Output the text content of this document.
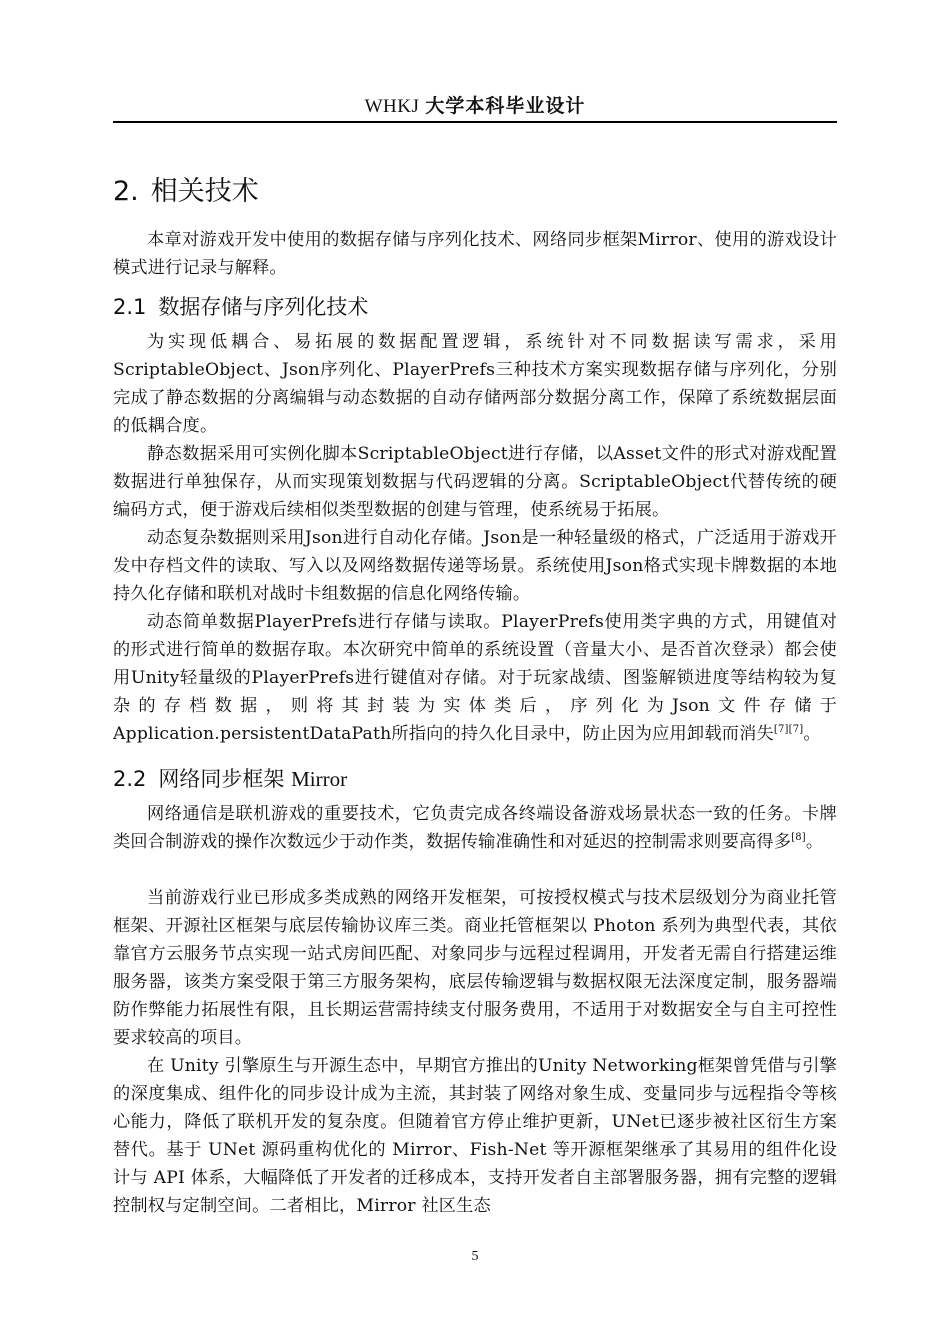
WHKJ 大学本科毕业设计
2. 相关技术

本章对游戏开发中使用的数据存储与序列化技术、网络同步框架Mirror、使用的游戏设计模式进行记录与解释。

2.1 数据存储与序列化技术

为实现低耦合、易拓展的数据配置逻辑，系统针对不同数据读写需求，采用ScriptableObject、Json序列化、PlayerPrefs三种技术方案实现数据存储与序列化，分别完成了静态数据的分离编辑与动态数据的自动存储两部分数据分离工作，保障了系统数据层面的低耦合度。

静态数据采用可实例化脚本ScriptableObject进行存储，以Asset文件的形式对游戏配置数据进行单独保存，从而实现策划数据与代码逻辑的分离。ScriptableObject代替传统的硬编码方式，便于游戏后续相似类型数据的创建与管理，使系统易于拓展。

动态复杂数据则采用Json进行自动化存储。Json是一种轻量级的格式，广泛适用于游戏开发中存档文件的读取、写入以及网络数据传递等场景。系统使用Json格式实现卡牌数据的本地持久化存储和联机对战时卡组数据的信息化网络传输。

动态简单数据PlayerPrefs进行存储与读取。PlayerPrefs使用类字典的方式，用键值对的形式进行简单的数据存取。本次研究中简单的系统设置（音量大小、是否首次登录）都会使用Unity轻量级的PlayerPrefs进行键值对存储。对于玩家战绩、图鉴解锁进度等结构较为复杂的存档数据，则将其封装为实体类后，序列化为Json文件存储于Application.persistentDataPath所指向的持久化目录中，防止因为应用卸载而消失[7][7]。

2.2 网络同步框架 Mirror

网络通信是联机游戏的重要技术，它负责完成各终端设备游戏场景状态一致的任务。卡牌类回合制游戏的操作次数远少于动作类，数据传输准确性和对延迟的控制需求则要高得多[8]。

当前游戏行业已形成多类成熟的网络开发框架，可按授权模式与技术层级划分为商业托管框架、开源社区框架与底层传输协议库三类。商业托管框架以 Photon 系列为典型代表，其依靠官方云服务节点实现一站式房间匹配、对象同步与远程过程调用，开发者无需自行搭建运维服务器，该类方案受限于第三方服务架构，底层传输逻辑与数据权限无法深度定制，服务器端防作弊能力拓展性有限，且长期运营需持续支付服务费用，不适用于对数据安全与自主可控性要求较高的项目。

在 Unity 引擎原生与开源生态中，早期官方推出的Unity Networking框架曾凭借与引擎的深度集成、组件化的同步设计成为主流，其封装了网络对象生成、变量同步与远程指令等核心能力，降低了联机开发的复杂度。但随着官方停止维护更新，UNet已逐步被社区衍生方案替代。基于 UNet 源码重构优化的 Mirror、Fish-Net 等开源框架继承了其易用的组件化设计与 API 体系，大幅降低了开发者的迁移成本，支持开发者自主部署服务器，拥有完整的逻辑控制权与定制空间。二者相比，Mirror 社区生态

5
